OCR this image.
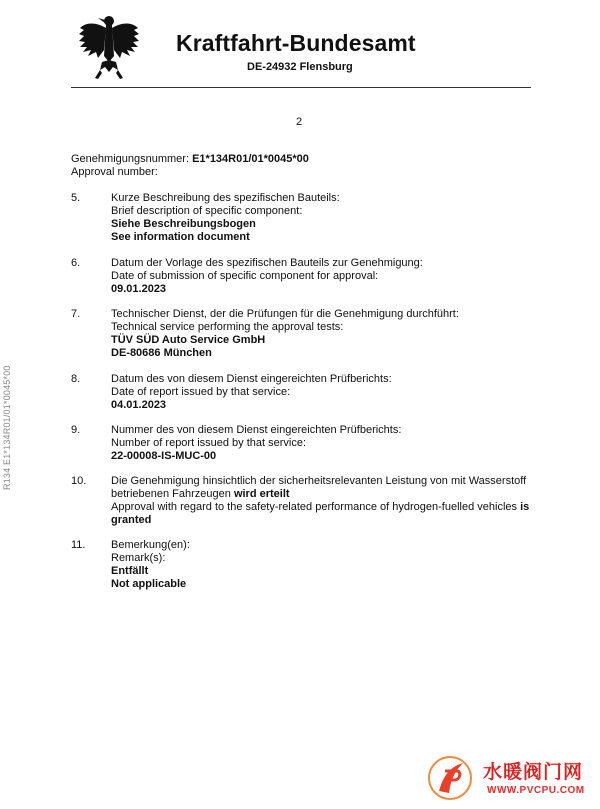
Kraftfahrt-Bundesamt
DE-24932 Flensburg
2
R134 E1*134R01/01*0045*00
Genehmigungsnummer: E1*134R01/01*0045*00
Approval number:
5.	Kurze Beschreibung des spezifischen Bauteils:
Brief description of specific component:
Siehe Beschreibungsbogen
See information document
6.	Datum der Vorlage des spezifischen Bauteils zur Genehmigung:
Date of submission of specific component for approval:
09.01.2023
7.	Technischer Dienst, der die Prüfungen für die Genehmigung durchführt:
Technical service performing the approval tests:
TÜV SÜD Auto Service GmbH
DE-80686 München
8.	Datum des von diesem Dienst eingereichten Prüfberichts:
Date of report issued by that service:
04.01.2023
9.	Nummer des von diesem Dienst eingereichten Prüfberichts:
Number of report issued by that service:
22-00008-IS-MUC-00
10. Die Genehmigung hinsichtlich der sicherheitsrelevanten Leistung von mit Wasserstoff
betriebenen Fahrzeugen wird erteilt
Approval with regard to the safety-related performance of hydrogen-fuelled vehicles is
granted
11. Bemerkung(en):
Remark(s):
Entfällt
Not applicable
水暖阀门网
WWW.PVCPU.COM
